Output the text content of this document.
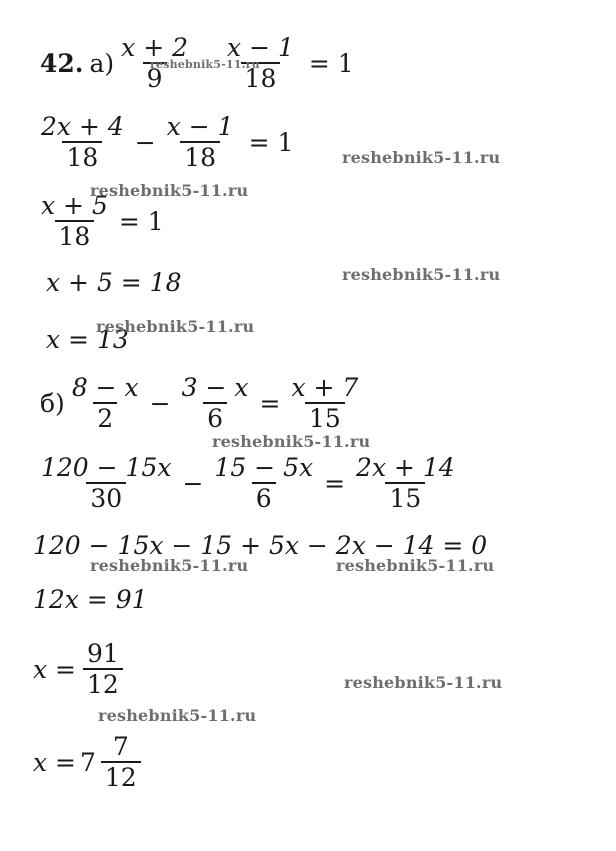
42. $а) \frac{x + 2}{9} \frac{x - 1}{18} = 1$
$\frac{2x + 4}{18} - \frac{x - 1}{18} = 1$
$\frac{x + 5}{18} = 1$
x + 5 = 18
x = 13
$б) \frac{8 - x}{2} - \frac{3 - x}{6} = \frac{x + 7}{15}$
$\frac{120 - 15x}{30} - \frac{15 - 5x}{6} = \frac{2x + 14}{15}$
120 − 15x − 15 + 5x − 2x − 14 = 0
12x = 91
$x = \frac{91}{12}$
$x = 7 \frac{7}{12}$
reshebnik5-11.ru
reshebnik5-11.ru
reshebnik5-11.ru
reshebnik5-11.ru
reshebnik5-11.ru
reshebnik5-11.ru
reshebnik5-11.ru	reshebnik5-11.ru
reshebnik5-11.ru
reshebnik5-11.ru
